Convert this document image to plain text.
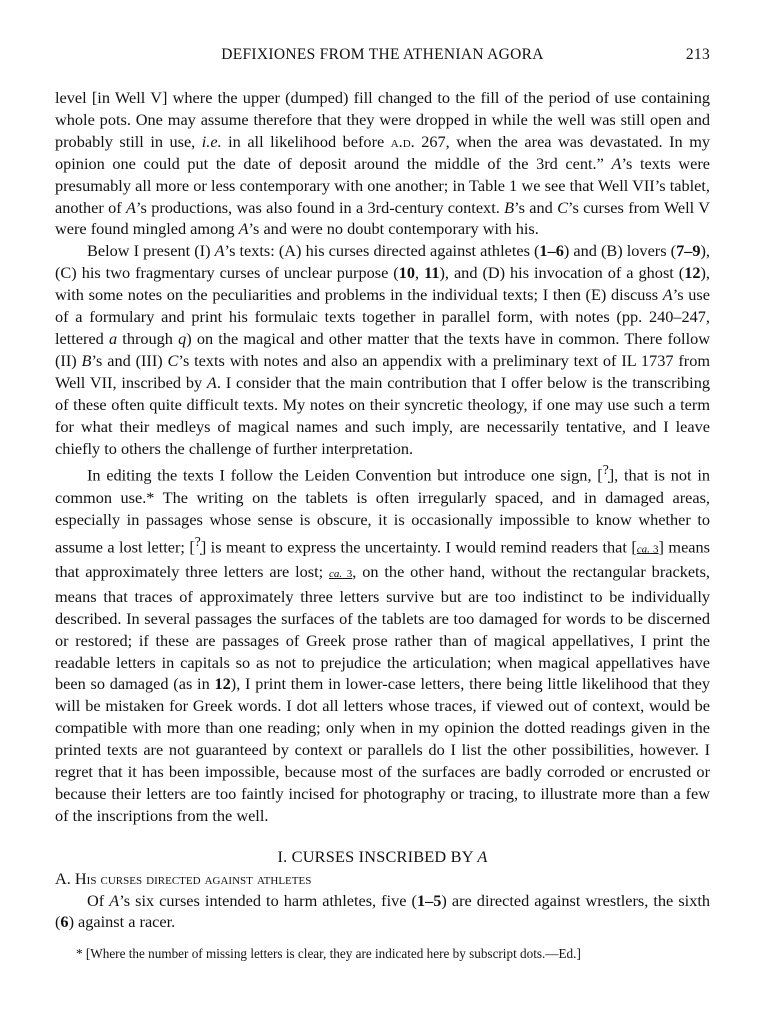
DEFIXIONES FROM THE ATHENIAN AGORA	213

level [in Well V] where the upper (dumped) fill changed to the fill of the period of use containing whole pots. One may assume therefore that they were dropped in while the well was still open and probably still in use, i.e. in all likelihood before a.d. 267, when the area was devastated. In my opinion one could put the date of deposit around the middle of the 3rd cent.” A’s texts were presumably all more or less contemporary with one another; in Table 1 we see that Well VII’s tablet, another of A’s productions, was also found in a 3rd-century context. B’s and C’s curses from Well V were found mingled among A’s and were no doubt contemporary with his.

Below I present (I) A’s texts: (A) his curses directed against athletes (1–6) and (B) lovers (7–9), (C) his two fragmentary curses of unclear purpose (10, 11), and (D) his invocation of a ghost (12), with some notes on the peculiarities and problems in the individual texts; I then (E) discuss A’s use of a formulary and print his formulaic texts together in parallel form, with notes (pp. 240–247, lettered a through q) on the magical and other matter that the texts have in common. There follow (II) B’s and (III) C’s texts with notes and also an appendix with a preliminary text of IL 1737 from Well VII, inscribed by A. I consider that the main contribution that I offer below is the transcribing of these often quite difficult texts. My notes on their syncretic theology, if one may use such a term for what their medleys of magical names and such imply, are necessarily tentative, and I leave chiefly to others the challenge of further interpretation.

In editing the texts I follow the Leiden Convention but introduce one sign, [?̣], that is not in common use.* The writing on the tablets is often irregularly spaced, and in damaged areas, especially in passages whose sense is obscure, it is occasionally impossible to know whether to assume a lost letter; [?̣] is meant to express the uncertainty. I would remind readers that [ca. 3] means that approximately three letters are lost; ca. 3, on the other hand, without the rectangular brackets, means that traces of approximately three letters survive but are too indistinct to be individually described. In several passages the surfaces of the tablets are too damaged for words to be discerned or restored; if these are passages of Greek prose rather than of magical appellatives, I print the readable letters in capitals so as not to prejudice the articulation; when magical appellatives have been so damaged (as in 12), I print them in lower-case letters, there being little likelihood that they will be mistaken for Greek words. I dot all letters whose traces, if viewed out of context, would be compatible with more than one reading; only when in my opinion the dotted readings given in the printed texts are not guaranteed by context or parallels do I list the other possibilities, however. I regret that it has been impossible, because most of the surfaces are badly corroded or encrusted or because their letters are too faintly incised for photography or tracing, to illustrate more than a few of the inscriptions from the well.

I. CURSES INSCRIBED BY A

A. His curses directed against athletes

Of A’s six curses intended to harm athletes, five (1–5) are directed against wrestlers, the sixth (6) against a racer.

* [Where the number of missing letters is clear, they are indicated here by subscript dots.—Ed.]
